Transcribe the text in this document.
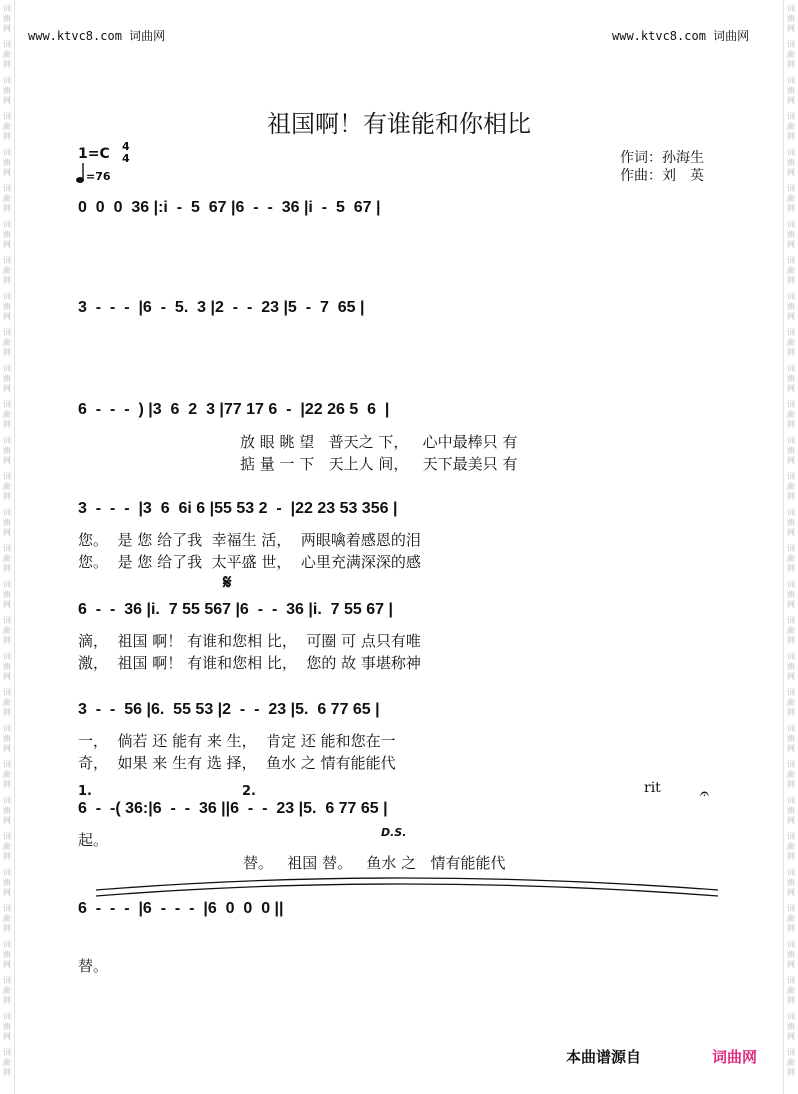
词
曲
网
词
曲
网
词
曲
网
词
曲
网
词
曲
网
词
曲
网
词
曲
网
词
曲
网
词
曲
网
词
曲
网
词
曲
网
词
曲
网
词
曲
网
词
曲
网
词
曲
网
词
曲
网
词
曲
网
词
曲
网
词
曲
网
词
曲
网
词
曲
网
词
曲
网
词
曲
网
词
曲
网
词
曲
网
词
曲
网
词
曲
网
词
曲
网
词
曲
网
词
曲
网
词
曲
网
词
曲
网
词
曲
网
词
曲
网
词
曲
网
词
曲
网
词
曲
网
词
曲
网
词
曲
网
词
曲
网
词
曲
网
词
曲
网
词
曲
网
词
曲
网
词
曲
网
词
曲
网
词
曲
网
词
曲
网
词
曲
网
词
曲
网
词
曲
网
词
曲
网
词
曲
网
词
曲
网
词
曲
网
词
曲
网
词
曲
网
词
曲
网
词
曲
网
词
曲
网
www.ktvc8.com 词曲网	www.ktvc8.com 词曲网
祖国啊！有谁能和你相比
1=C 4
4
=76
作词：孙海生
作曲：刘　英
0  0  0  36 |:i  -  5  67 |6  -  -  36 |i  -  5  67 |
3  -  -  -  |6  -  5.  3 |2  -  -  23 |5  -  7  65 |
6  -  -  -  ) |3  6  2  3 |77 17 6  -  |22 26 5  6  |
放 眼 眺 望   普天之 下，   心中最棒只 有
掂 量 一 下   天上人 间，   天下最美只 有
3  -  -  -  |3  6  6i 6 |55 53 2  -  |22 23 53 356 |
您。  是 您 给了我  幸福生 活，  两眼噙着感恩的泪
您。  是 您 给了我  太平盛 世，  心里充满深深的感
𝄋
6  -  -  36 |i.  7 55 567 |6  -  -  36 |i.  7 55 67 |
滴，  祖国 啊！ 有谁和您相 比，  可圈 可 点只有唯
激，  祖国 啊！ 有谁和您相 比，  您的 故 事堪称神
3  -  -  56 |6.  55 53 |2  -  -  23 |5.  6 77 65 |
一，  倘若 还 能有 来 生，  肯定 还 能和您在一
奇，  如果 来 生有 选 择，  鱼水 之 情有能能代
1.	2.	rit 𝄐
6  -  -( 36:|6  -  -  36 ||6  -  -  23 |5.  6 77 65 |
D.S.
起。
替。   祖国 替。   鱼水 之   情有能能代
6  -  -  -  |6  -  -  -  |6  0  0  0 ||
替。
本曲谱源自	词曲网
